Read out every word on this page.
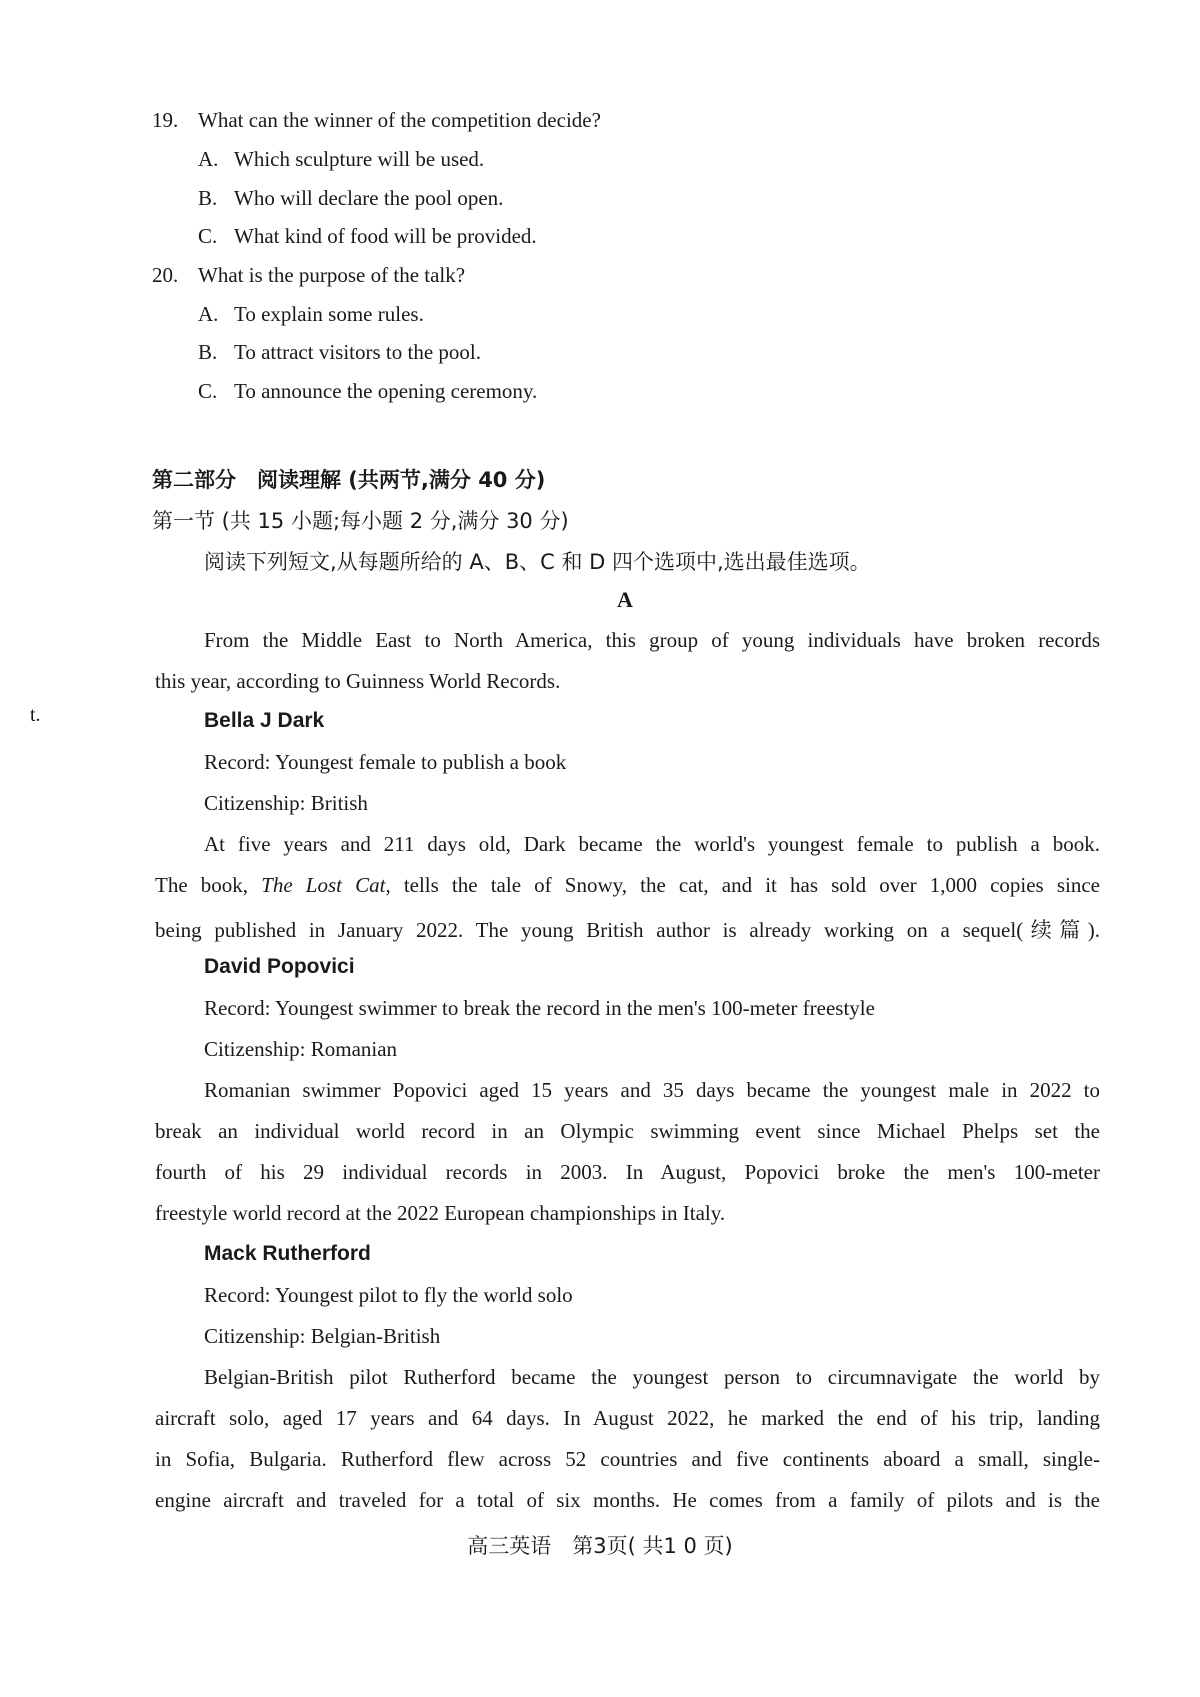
t.
19. What can the winner of the competition decide?
A. Which sculpture will be used.
B. Who will declare the pool open.
C. What kind of food will be provided.
20. What is the purpose of the talk?
A. To explain some rules.
B. To attract visitors to the pool.
C. To announce the opening ceremony.
第二部分　阅读理解 (共两节,满分 40 分)
第一节 (共 15 小题;每小题 2 分,满分 30 分)
阅读下列短文,从每题所给的 A、B、C 和 D 四个选项中,选出最佳选项。
A
From the Middle East to North America, this group of young individuals have broken records
this year, according to Guinness World Records.
Bella J Dark
Record: Youngest female to publish a book
Citizenship: British
At five years and 211 days old, Dark became the world's youngest female to publish a book.
The book, The Lost Cat, tells the tale of Snowy, the cat, and it has sold over 1,000 copies since
being published in January 2022. The young British author is already working on a sequel(续篇).
David Popovici
Record: Youngest swimmer to break the record in the men's 100-meter freestyle
Citizenship: Romanian
Romanian swimmer Popovici aged 15 years and 35 days became the youngest male in 2022 to
break an individual world record in an Olympic swimming event since Michael Phelps set the
fourth of his 29 individual records in 2003. In August, Popovici broke the men's 100-meter
freestyle world record at the 2022 European championships in Italy.
Mack Rutherford
Record: Youngest pilot to fly the world solo
Citizenship: Belgian-British
Belgian-British pilot Rutherford became the youngest person to circumnavigate the world by
aircraft solo, aged 17 years and 64 days. In August 2022, he marked the end of his trip, landing
in Sofia, Bulgaria. Rutherford flew across 52 countries and five continents aboard a small, single-
engine aircraft and traveled for a total of six months. He comes from a family of pilots and is the
高三英语　第3页( 共1 0 页)
